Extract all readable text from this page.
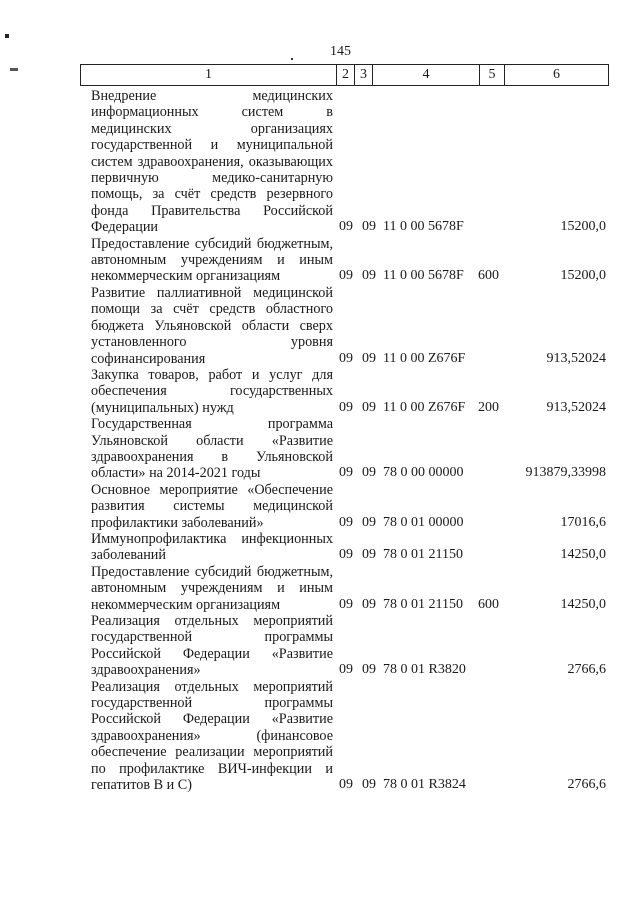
145
1	2 3	4	5	6
Внедрение медицинских информационных систем в медицинских организациях государственной и муниципальной систем здравоохранения, оказывающих первичную медико-санитарную помощь, за счёт средств резервного фонда Правительства Российской Федерации	09 09 11 0 00 5678F	15200,0
Предоставление субсидий бюджетным, автономным учреждениям и иным некоммерческим организациям	09 09 11 0 00 5678F 600	15200,0
Развитие паллиативной медицинской помощи за счёт средств областного бюджета Ульяновской области сверх установленного уровня софинансирования	09 09 11 0 00 Z676F	913,52024
Закупка товаров, работ и услуг для обеспечения государственных (муниципальных) нужд	09 09 11 0 00 Z676F 200	913,52024
Государственная программа Ульяновской области «Развитие здравоохранения в Ульяновской области» на 2014-2021 годы	09 09 78 0 00 00000	913879,33998
Основное мероприятие «Обеспечение развития системы медицинской профилактики заболеваний»	09 09 78 0 01 00000	17016,6
Иммунопрофилактика инфекционных заболеваний	09 09 78 0 01 21150	14250,0
Предоставление субсидий бюджетным, автономным учреждениям и иным некоммерческим организациям	09 09 78 0 01 21150 600	14250,0
Реализация отдельных мероприятий государственной программы Российской Федерации «Развитие здравоохранения»	09 09 78 0 01 R3820	2766,6
Реализация отдельных мероприятий государственной программы Российской Федерации «Развитие здравоохранения» (финансовое обеспечение реализации мероприятий по профилактике ВИЧ-инфекции и гепатитов В и С)	09 09 78 0 01 R3824	2766,6
